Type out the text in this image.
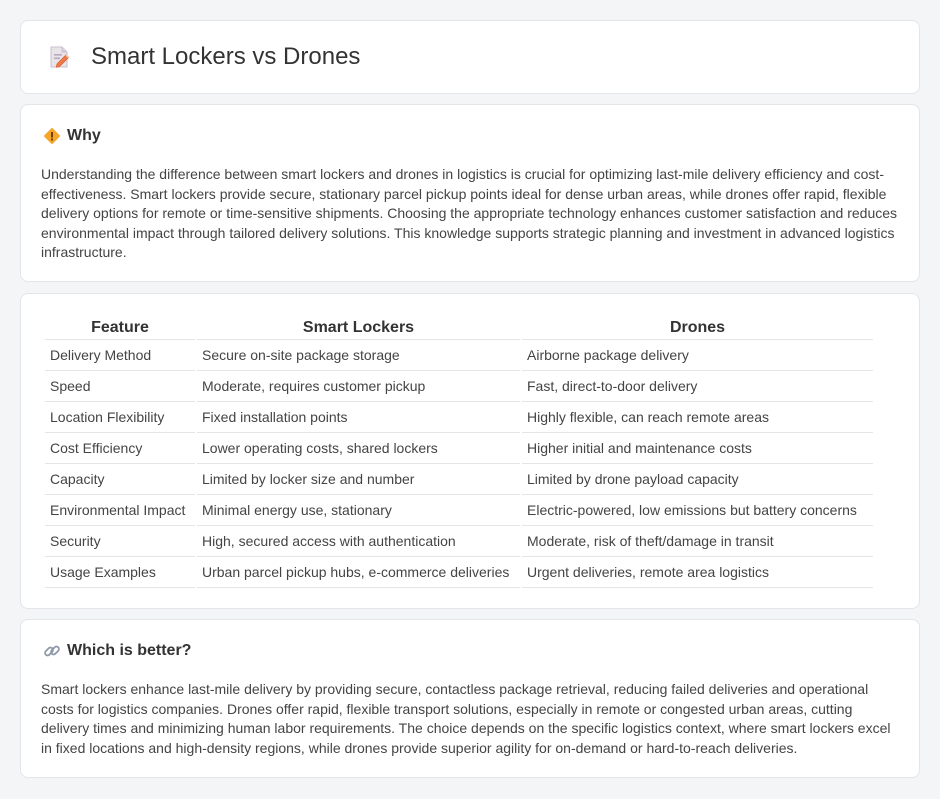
Smart Lockers vs Drones
Why

Understanding the difference between smart lockers and drones in logistics is crucial for optimizing last-mile delivery efficiency and cost-effectiveness. Smart lockers provide secure, stationary parcel pickup points ideal for dense urban areas, while drones offer rapid, flexible delivery options for remote or time-sensitive shipments. Choosing the appropriate technology enhances customer satisfaction and reduces environmental impact through tailored delivery solutions. This knowledge supports strategic planning and investment in advanced logistics infrastructure.

Feature	Smart Lockers	Drones
Delivery Method	Secure on-site package storage	Airborne package delivery
Speed	Moderate, requires customer pickup	Fast, direct-to-door delivery
Location Flexibility	Fixed installation points	Highly flexible, can reach remote areas
Cost Efficiency	Lower operating costs, shared lockers	Higher initial and maintenance costs
Capacity	Limited by locker size and number	Limited by drone payload capacity
Environmental Impact	Minimal energy use, stationary	Electric-powered, low emissions but battery concerns
Security	High, secured access with authentication	Moderate, risk of theft/damage in transit
Usage Examples	Urban parcel pickup hubs, e-commerce deliveries	Urgent deliveries, remote area logistics
Which is better?

Smart lockers enhance last-mile delivery by providing secure, contactless package retrieval, reducing failed deliveries and operational costs for logistics companies. Drones offer rapid, flexible transport solutions, especially in remote or congested urban areas, cutting delivery times and minimizing human labor requirements. The choice depends on the specific logistics context, where smart lockers excel in fixed locations and high-density regions, while drones provide superior agility for on-demand or hard-to-reach deliveries.
